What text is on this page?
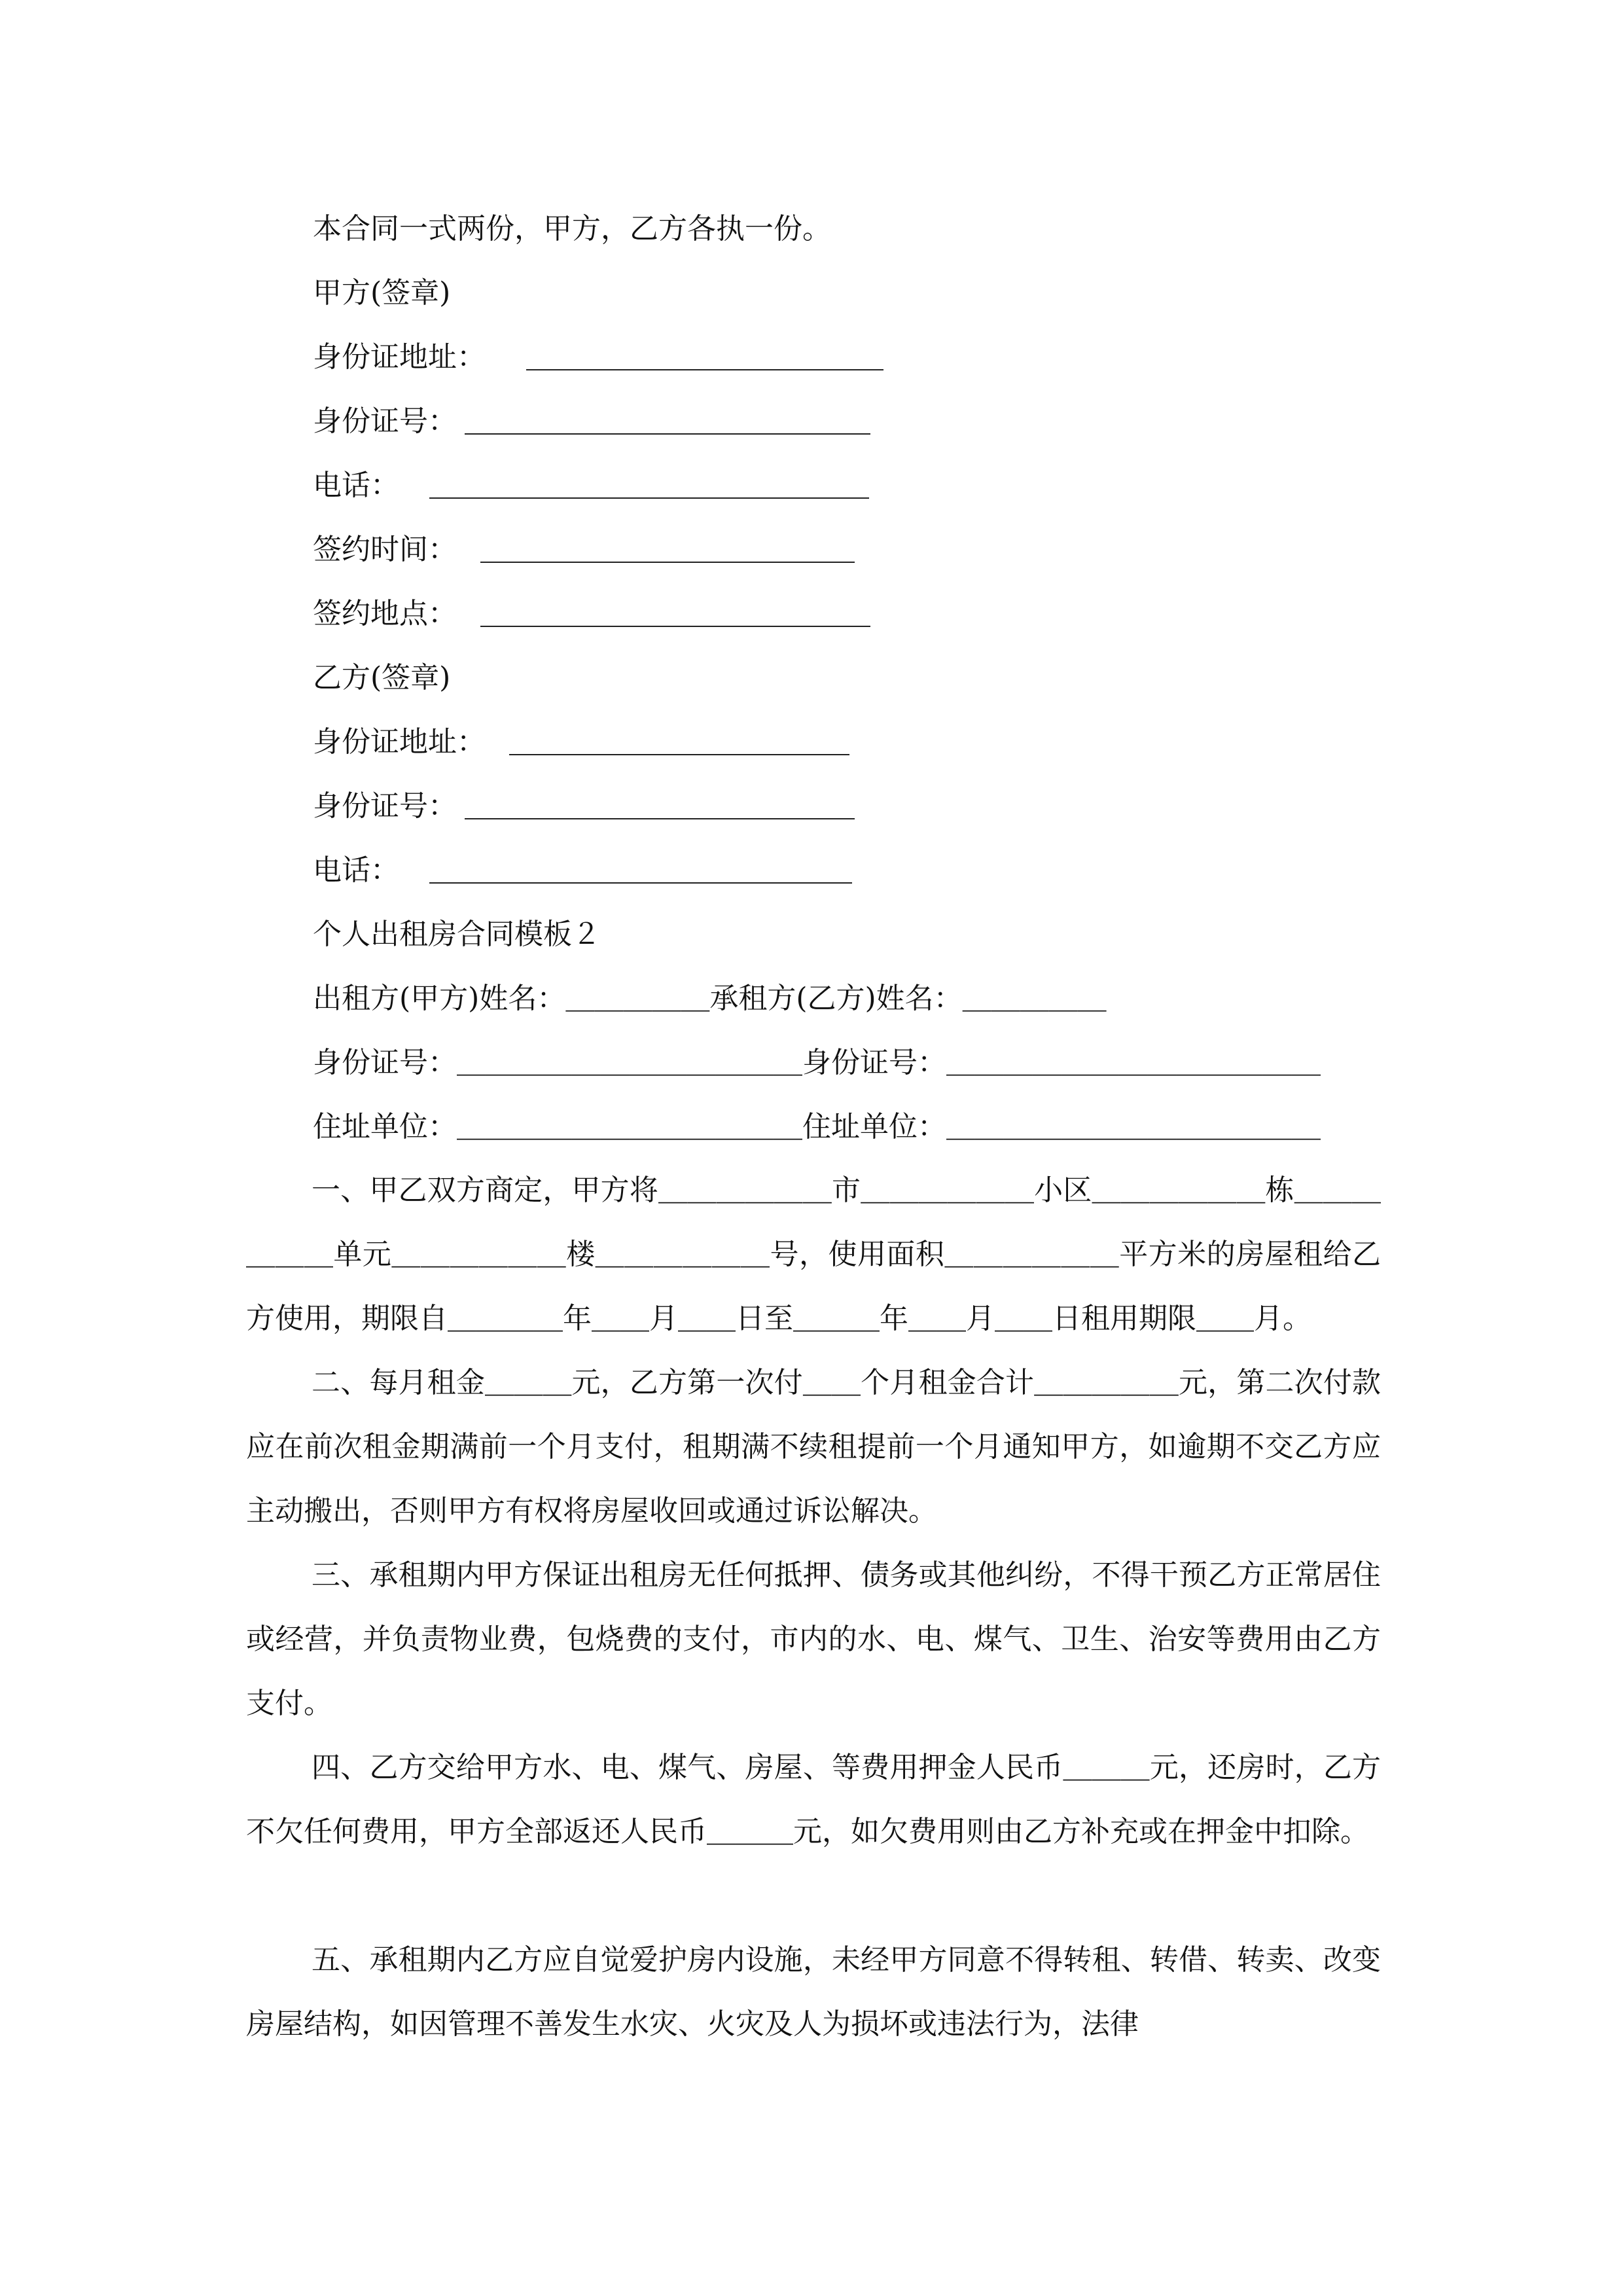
本合同一式两份，甲方，乙方各执一份。
甲方(签章)
身份证地址：
身份证号：
电话：
签约时间：
签约地点：
乙方(签章)
身份证地址：
身份证号：
电话：
个人出租房合同模板２
出租方(甲方)姓名：＿＿＿＿＿承租方(乙方)姓名：＿＿＿＿＿
身份证号：＿＿＿＿＿＿＿＿＿＿＿＿身份证号：＿＿＿＿＿＿＿＿＿＿＿＿＿
住址单位：＿＿＿＿＿＿＿＿＿＿＿＿住址单位：＿＿＿＿＿＿＿＿＿＿＿＿＿

一、甲乙双方商定，甲方将＿＿＿＿＿＿市＿＿＿＿＿＿小区＿＿＿＿＿＿栋＿＿＿＿＿＿单元＿＿＿＿＿＿楼＿＿＿＿＿＿号，使用面积＿＿＿＿＿＿平方米的房屋租给乙方使用，期限自＿＿＿＿年＿＿月＿＿日至＿＿＿年＿＿月＿＿日租用期限＿＿月。

二、每月租金＿＿＿元，乙方第一次付＿＿个月租金合计＿＿＿＿＿元，第二次付款应在前次租金期满前一个月支付，租期满不续租提前一个月通知甲方，如逾期不交乙方应主动搬出，否则甲方有权将房屋收回或通过诉讼解决。

三、承租期内甲方保证出租房无任何抵押、债务或其他纠纷，不得干预乙方正常居住或经营，并负责物业费，包烧费的支付，市内的水、电、煤气、卫生、治安等费用由乙方支付。

四、乙方交给甲方水、电、煤气、房屋、等费用押金人民币＿＿＿元，还房时，乙方不欠任何费用，甲方全部返还人民币＿＿＿元，如欠费用则由乙方补充或在押金中扣除。

五、承租期内乙方应自觉爱护房内设施，未经甲方同意不得转租、转借、转卖、改变房屋结构，如因管理不善发生水灾、火灾及人为损坏或违法行为，法律
